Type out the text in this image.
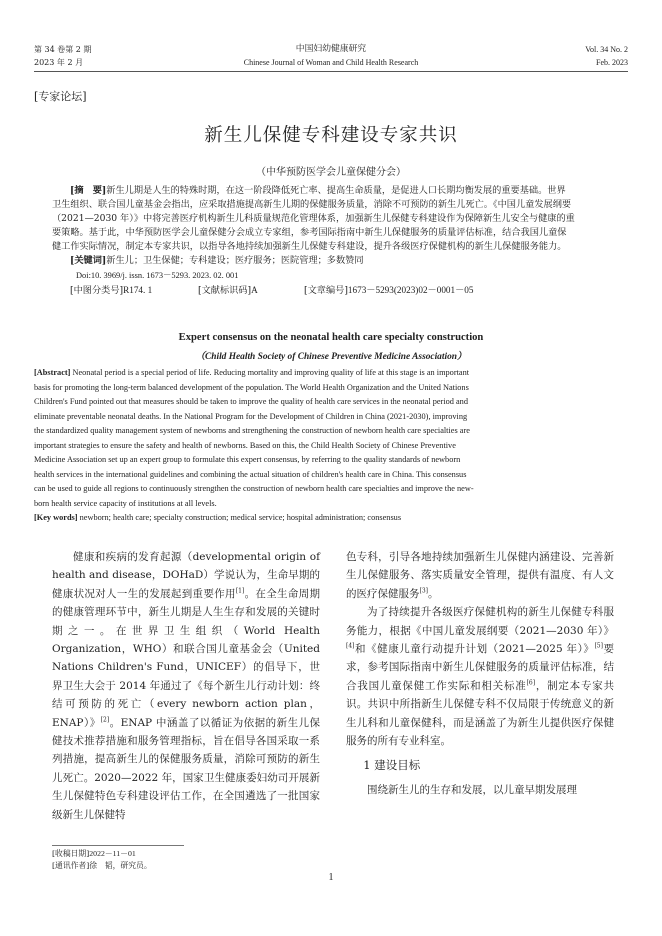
第 34 卷第 2 期
2023 年 2 月
中国妇幼健康研究
Chinese Journal of Woman and Child Health Research
Vol. 34 No. 2
Feb. 2023
[专家论坛]
新生儿保健专科建设专家共识
（中华预防医学会儿童保健分会）
[摘　要]新生儿期是人生的特殊时期，在这一阶段降低死亡率、提高生命质量，是促进人口长期均衡发展的重要基础。世界
卫生组织、联合国儿童基金会指出，应采取措施提高新生儿期的保健服务质量，消除不可预防的新生儿死亡。《中国儿童发展纲要
（2021—2030 年）》中将完善医疗机构新生儿科质量规范化管理体系，加强新生儿保健专科建设作为保障新生儿安全与健康的重
要策略。基于此，中华预防医学会儿童保健分会成立专家组，参考国际指南中新生儿保健服务的质量评估标准，结合我国儿童保
健工作实际情况，制定本专家共识，以指导各地持续加强新生儿保健专科建设，提升各级医疗保健机构的新生儿保健服务能力。
[关键词]新生儿；卫生保健；专科建设；医疗服务；医院管理；多数赞同
Doi:10. 3969/j. issn. 1673－5293. 2023. 02. 001
[中图分类号]R174. 1	[文献标识码]A	[文章编号]1673－5293(2023)02－0001－05
Expert consensus on the neonatal health care specialty construction
（Child Health Society of Chinese Preventive Medicine Association）
[Abstract] Neonatal period is a special period of life. Reducing mortality and improving quality of life at this stage is an important
basis for promoting the long-term balanced development of the population. The World Health Organization and the United Nations
Children's Fund pointed out that measures should be taken to improve the quality of health care services in the neonatal period and
eliminate preventable neonatal deaths. In the National Program for the Development of Children in China (2021-2030), improving
the standardized quality management system of newborns and strengthening the construction of newborn health care specialties are
important strategies to ensure the safety and health of newborns. Based on this, the Child Health Society of Chinese Preventive
Medicine Association set up an expert group to formulate this expert consensus, by referring to the quality standards of newborn
health services in the international guidelines and combining the actual situation of children's health care in China. This consensus
can be used to guide all regions to continuously strengthen the construction of newborn health care specialties and improve the new-
born health service capacity of institutions at all levels.
[Key words] newborn; health care; specialty construction; medical service; hospital administration; consensus

健康和疾病的发育起源（developmental origin of health and disease，DOHaD）学说认为，生命早期的健康状况对人一生的发展起到重要作用[1]。在全生命周期的健康管理环节中，新生儿期是人生生存和发展的关键时期之一。在世界卫生组织（World Health Organization，WHO）和联合国儿童基金会（United Nations Children's Fund，UNICEF）的倡导下，世界卫生大会于 2014 年通过了《每个新生儿行动计划：终结可预防的死亡（every newborn action plan，ENAP）》[2]。ENAP 中涵盖了以循证为依据的新生儿保健技术推荐措施和服务管理指标，旨在倡导各国采取一系列措施，提高新生儿的保健服务质量，消除可预防的新生儿死亡。2020—2022 年，国家卫生健康委妇幼司开展新生儿保健特色专科建设评估工作，在全国遴选了一批国家级新生儿保健特

色专科，引导各地持续加强新生儿保健内涵建设、完善新生儿保健服务、落实质量安全管理，提供有温度、有人文的医疗保健服务[3]。

为了持续提升各级医疗保健机构的新生儿保健专科服务能力，根据《中国儿童发展纲要（2021—2030 年）》[4]和《健康儿童行动提升计划（2021—2025 年）》[5]要求，参考国际指南中新生儿保健服务的质量评估标准，结合我国儿童保健工作实际和相关标准[6]，制定本专家共识。共识中所指新生儿保健专科不仅局限于传统意义的新生儿科和儿童保健科，而是涵盖了为新生儿提供医疗保健服务的所有专业科室。

1 建设目标

围绕新生儿的生存和发展，以儿童早期发展理

[收稿日期]2022－11－01
[通讯作者]徐　韬，研究员。
1
